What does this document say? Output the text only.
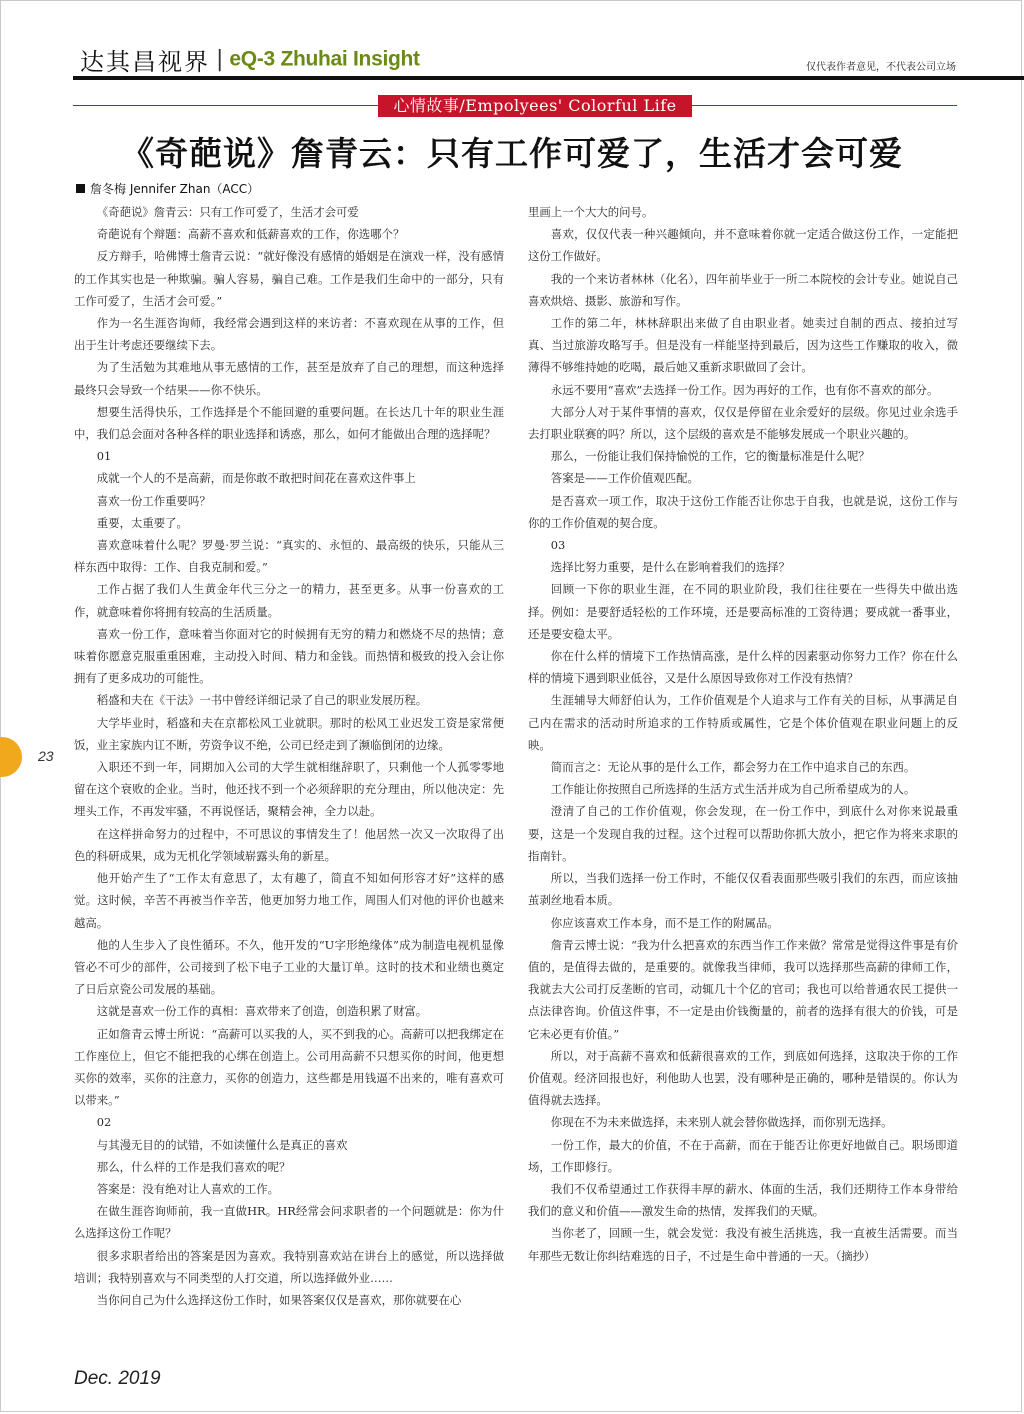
达其昌视界 | eQ-3 Zhuhai Insight	仅代表作者意见，不代表公司立场
心情故事/Empolyees' Colorful Life
《奇葩说》詹青云：只有工作可爱了，生活才会可爱
詹冬梅 Jennifer Zhan（ACC）

《奇葩说》詹青云：只有工作可爱了，生活才会可爱

奇葩说有个辩题：高薪不喜欢和低薪喜欢的工作，你选哪个？

反方辩手，哈佛博士詹青云说：“就好像没有感情的婚姻是在演戏一样，没有感情的工作其实也是一种欺骗。骗人容易，骗自己难。工作是我们生命中的一部分，只有工作可爱了，生活才会可爱。”

作为一名生涯咨询师，我经常会遇到这样的来访者：不喜欢现在从事的工作，但出于生计考虑还要继续下去。

为了生活勉为其难地从事无感情的工作，甚至是放弃了自己的理想，而这种选择最终只会导致一个结果——你不快乐。

想要生活得快乐，工作选择是个不能回避的重要问题。在长达几十年的职业生涯中，我们总会面对各种各样的职业选择和诱惑，那么，如何才能做出合理的选择呢？

01

成就一个人的不是高薪，而是你敢不敢把时间花在喜欢这件事上

喜欢一份工作重要吗？

重要，太重要了。

喜欢意味着什么呢？罗曼·罗兰说：“真实的、永恒的、最高级的快乐，只能从三样东西中取得：工作、自我克制和爱。”

工作占据了我们人生黄金年代三分之一的精力，甚至更多。从事一份喜欢的工作，就意味着你将拥有较高的生活质量。

喜欢一份工作，意味着当你面对它的时候拥有无穷的精力和燃烧不尽的热情；意味着你愿意克服重重困难，主动投入时间、精力和金钱。而热情和极致的投入会让你拥有了更多成功的可能性。

稻盛和夫在《干法》一书中曾经详细记录了自己的职业发展历程。

大学毕业时，稻盛和夫在京都松风工业就职。那时的松风工业迟发工资是家常便饭，业主家族内讧不断，劳资争议不绝，公司已经走到了濒临倒闭的边缘。

入职还不到一年，同期加入公司的大学生就相继辞职了，只剩他一个人孤零零地留在这个衰败的企业。当时，他还找不到一个必须辞职的充分理由，所以他决定：先埋头工作，不再发牢骚，不再说怪话，聚精会神，全力以赴。

在这样拼命努力的过程中，不可思议的事情发生了！他居然一次又一次取得了出色的科研成果，成为无机化学领域崭露头角的新星。

他开始产生了“工作太有意思了，太有趣了，简直不知如何形容才好”这样的感觉。这时候，辛苦不再被当作辛苦，他更加努力地工作，周围人们对他的评价也越来越高。

他的人生步入了良性循环。不久，他开发的“U字形绝缘体”成为制造电视机显像管必不可少的部件，公司接到了松下电子工业的大量订单。这时的技术和业绩也奠定了日后京瓷公司发展的基础。

这就是喜欢一份工作的真相：喜欢带来了创造，创造积累了财富。

正如詹青云博士所说：“高薪可以买我的人，买不到我的心。高薪可以把我绑定在工作座位上，但它不能把我的心绑在创造上。公司用高薪不只想买你的时间，他更想买你的效率，买你的注意力，买你的创造力，这些都是用钱逼不出来的，唯有喜欢可以带来。”

02

与其漫无目的的试错，不如读懂什么是真正的喜欢

那么，什么样的工作是我们喜欢的呢？

答案是：没有绝对让人喜欢的工作。

在做生涯咨询师前，我一直做HR。HR经常会问求职者的一个问题就是：你为什么选择这份工作呢？

很多求职者给出的答案是因为喜欢。我特别喜欢站在讲台上的感觉，所以选择做培训；我特别喜欢与不同类型的人打交道，所以选择做外业……

当你问自己为什么选择这份工作时，如果答案仅仅是喜欢，那你就要在心

里画上一个大大的问号。

喜欢，仅仅代表一种兴趣倾向，并不意味着你就一定适合做这份工作，一定能把这份工作做好。

我的一个来访者林林（化名），四年前毕业于一所二本院校的会计专业。她说自己喜欢烘焙、摄影、旅游和写作。

工作的第二年，林林辞职出来做了自由职业者。她卖过自制的西点、接拍过写真、当过旅游攻略写手。但是没有一样能坚持到最后，因为这些工作赚取的收入，微薄得不够维持她的吃喝，最后她又重新求职做回了会计。

永远不要用“喜欢”去选择一份工作。因为再好的工作，也有你不喜欢的部分。

大部分人对于某件事情的喜欢，仅仅是停留在业余爱好的层级。你见过业余选手去打职业联赛的吗？所以，这个层级的喜欢是不能够发展成一个职业兴趣的。

那么，一份能让我们保持愉悦的工作，它的衡量标准是什么呢？

答案是——工作价值观匹配。

是否喜欢一项工作，取决于这份工作能否让你忠于自我，也就是说，这份工作与你的工作价值观的契合度。

03

选择比努力重要，是什么在影响着我们的选择？

回顾一下你的职业生涯，在不同的职业阶段，我们往往要在一些得失中做出选择。例如：是要舒适轻松的工作环境，还是要高标准的工资待遇；要成就一番事业，还是要安稳太平。

你在什么样的情境下工作热情高涨，是什么样的因素驱动你努力工作？你在什么样的情境下遇到职业低谷，又是什么原因导致你对工作没有热情？

生涯辅导大师舒伯认为，工作价值观是个人追求与工作有关的目标，从事满足自己内在需求的活动时所追求的工作特质或属性，它是个体价值观在职业问题上的反映。

简而言之：无论从事的是什么工作，都会努力在工作中追求自己的东西。

工作能让你按照自己所选择的生活方式生活并成为自己所希望成为的人。

澄清了自己的工作价值观，你会发现，在一份工作中，到底什么对你来说最重要，这是一个发现自我的过程。这个过程可以帮助你抓大放小，把它作为将来求职的指南针。

所以，当我们选择一份工作时，不能仅仅看表面那些吸引我们的东西，而应该抽茧剥丝地看本质。

你应该喜欢工作本身，而不是工作的附属品。

詹青云博士说：“我为什么把喜欢的东西当作工作来做？常常是觉得这件事是有价值的，是值得去做的，是重要的。就像我当律师，我可以选择那些高薪的律师工作，我就去大公司打反垄断的官司，动辄几十个亿的官司；我也可以给普通农民工提供一点法律咨询。价值这件事，不一定是由价钱衡量的，前者的选择有很大的价钱，可是它未必更有价值。”

所以，对于高薪不喜欢和低薪很喜欢的工作，到底如何选择，这取决于你的工作价值观。经济回报也好，利他助人也罢，没有哪种是正确的，哪种是错误的。你认为值得就去选择。

你现在不为未来做选择，未来别人就会替你做选择，而你别无选择。

一份工作，最大的价值，不在于高薪，而在于能否让你更好地做自己。职场即道场，工作即修行。

我们不仅希望通过工作获得丰厚的薪水、体面的生活，我们还期待工作本身带给我们的意义和价值——激发生命的热情，发挥我们的天赋。

当你老了，回顾一生，就会发觉：我没有被生活挑选，我一直被生活需要。而当年那些无数让你纠结难选的日子，不过是生命中普通的一天。（摘抄）

23
Dec. 2019
